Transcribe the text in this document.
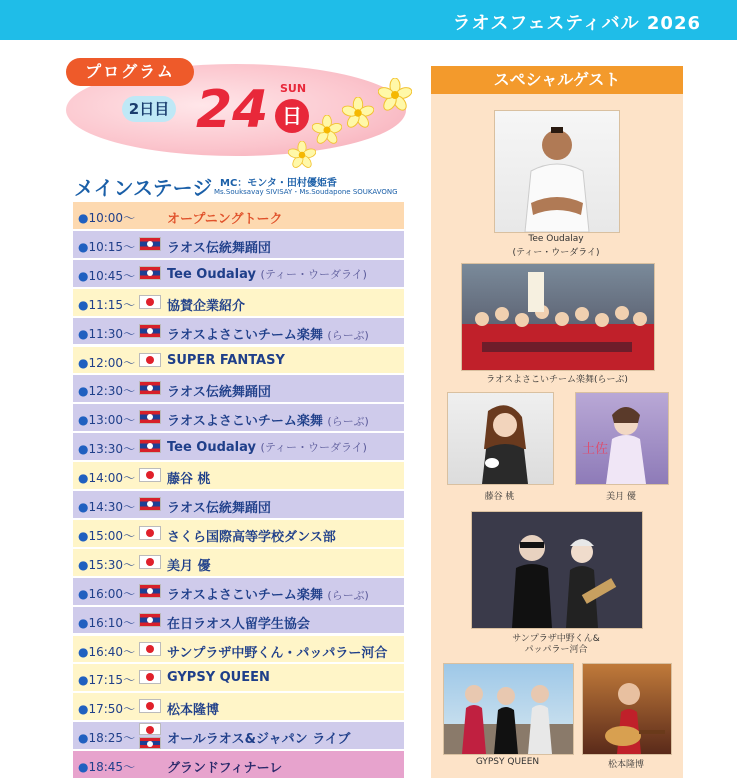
ラオスフェスティバル 2026
プログラム
2日目 24 SUN
日
メインステージ MC：モンタ・田村優姫香
Ms.Souksavay SIVISAY・Ms.Soudapone SOUKAVONG
●10:00～ オープニングトーク
●10:15～ ラオス伝統舞踊団
●10:45～ Tee Oudalay (ティー・ウーダライ)
●11:15～ 協賛企業紹介
●11:30～ ラオスよさこいチーム楽舞 (らーぶ)
●12:00～ SUPER FANTASY
●12:30～ ラオス伝統舞踊団
●13:00～ ラオスよさこいチーム楽舞 (らーぶ)
●13:30～ Tee Oudalay (ティー・ウーダライ)
●14:00～ 藤谷 桃
●14:30～ ラオス伝統舞踊団
●15:00～ さくら国際高等学校ダンス部
●15:30～ 美月 優
●16:00～ ラオスよさこいチーム楽舞 (らーぶ)
●16:10～ 在日ラオス人留学生協会
●16:40～ サンプラザ中野くん・パッパラー河合
●17:15～ GYPSY QUEEN
●17:50～ 松本隆博
●18:25～ オールラオス&ジャパン ライブ
●18:45～ グランドフィナーレ
スペシャルゲスト
Tee Oudalay
(ティー・ウーダライ)
ラオスよさこいチーム楽舞(らーぶ)
藤谷 桃
土佐
美月 優
サンプラザ中野くん&
パッパラー河合
GYPSY QUEEN	松本隆博
